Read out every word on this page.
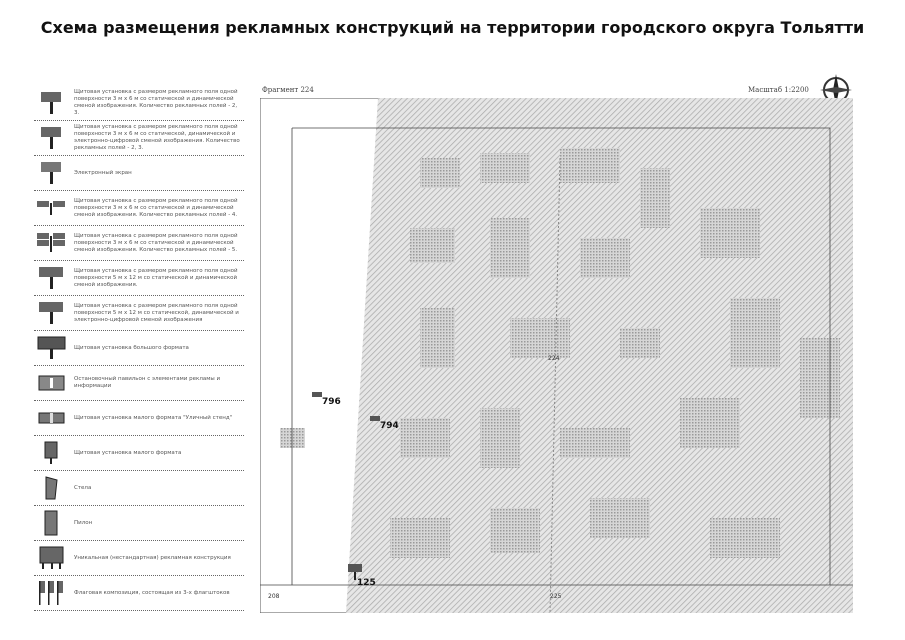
Схема размещения рекламных конструкций на территории городского округа Тольятти
Щитовая установка с размером рекламного поля одной поверхности 3 м х 6 м со статической и динамической сменой изображения. Количество рекламных полей - 2, 3.
Щитовая установка с размером рекламного поля одной поверхности 3 м х 6 м со статической, динамической и электронно-цифровой сменой изображения. Количество рекламных полей - 2, 3.
Электронный экран
Щитовая установка с размером рекламного поля одной поверхности 3 м х 6 м со статической и динамической сменой изображения. Количество рекламных полей - 4.
Щитовая установка с размером рекламного поля одной поверхности 3 м х 6 м со статической и динамической сменой изображения. Количество рекламных полей - 5.
Щитовая установка с размером рекламного поля одной поверхности 5 м х 12 м со статической и динамической сменой изображения.
Щитовая установка с размером рекламного поля одной поверхности 5 м х 12 м со статической, динамической и электронно-цифровой сменой изображения
Щитовая установка большого формата
Остановочный павильон с элементами рекламы и информации
Щитовая установка малого формата "Уличный стенд"
Щитовая установка малого формата
Стела
Пилон
Уникальная (нестандартная) рекламная конструкция
Флаговая композиция, состоящая из 3-х флагштоков
Фрагмент 224	Масштаб 1:2200
796
794
125
224
225
208
